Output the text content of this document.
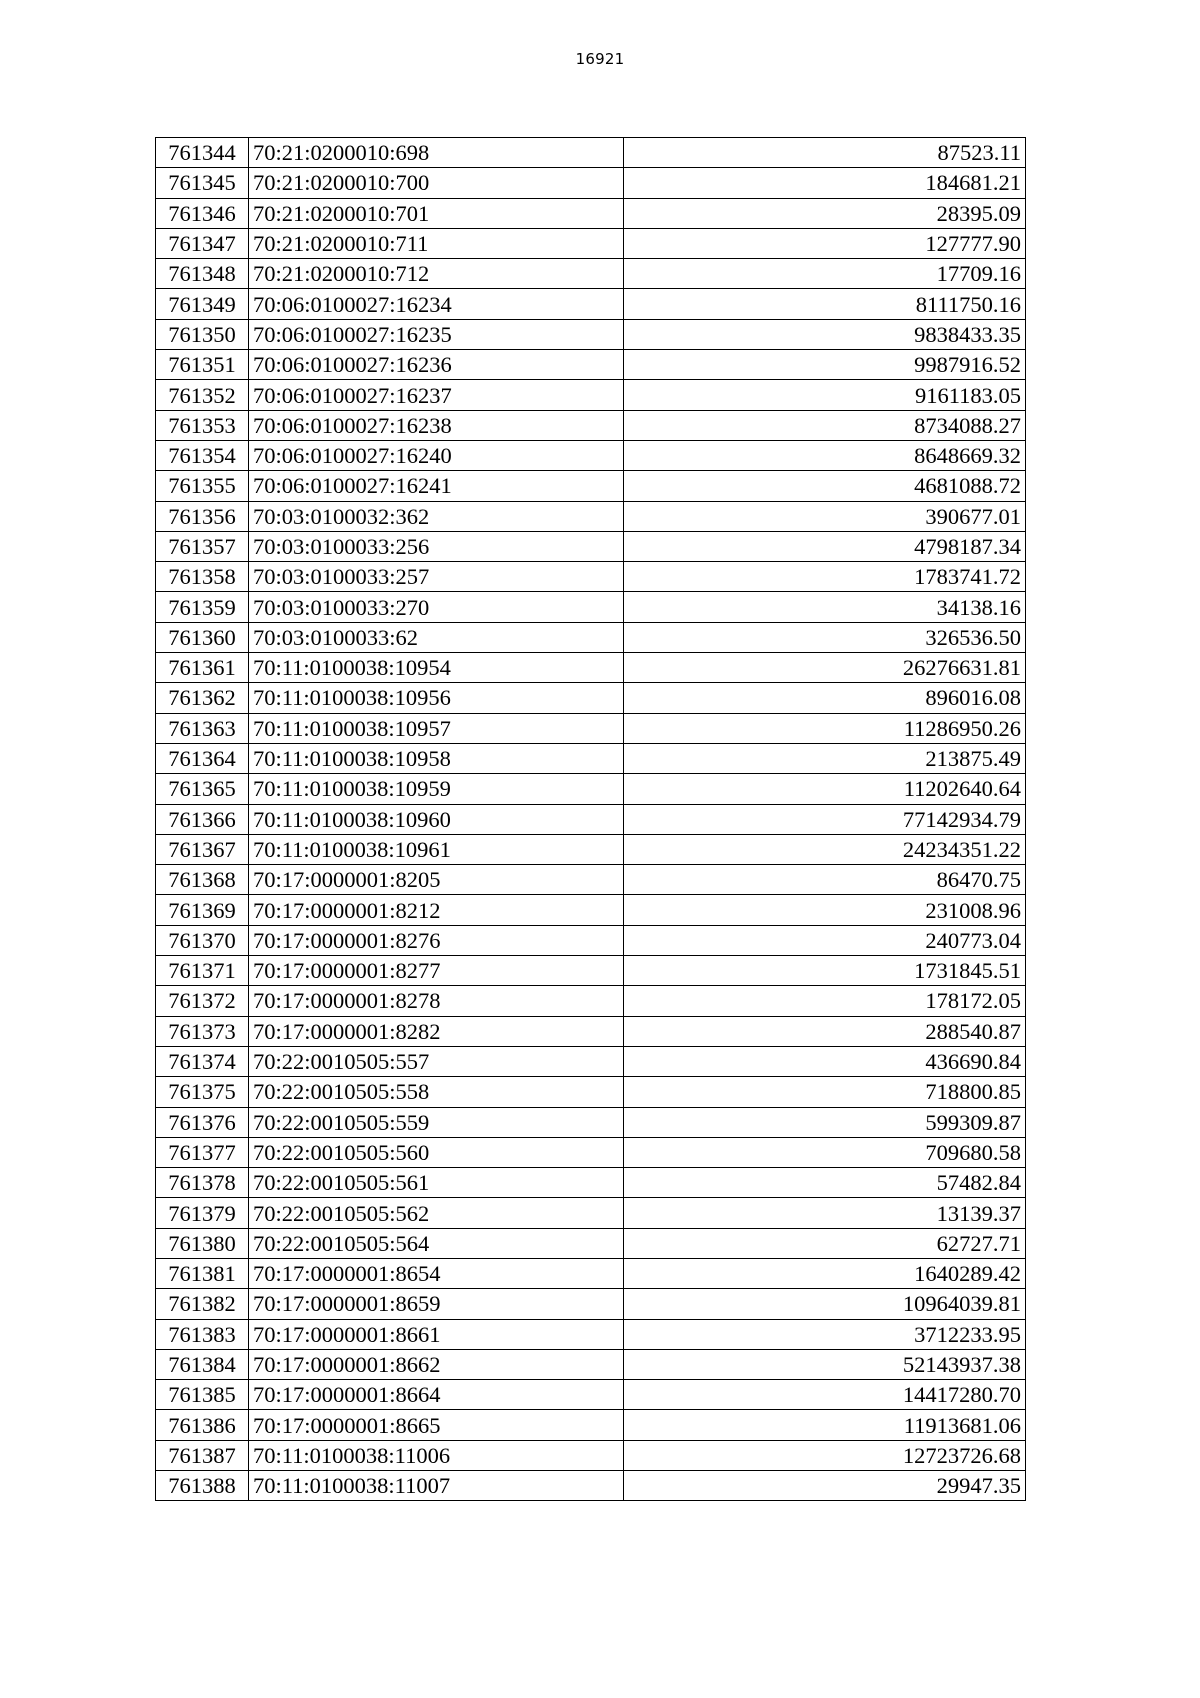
16921
761344	70:21:0200010:698	87523.11
761345	70:21:0200010:700	184681.21
761346	70:21:0200010:701	28395.09
761347	70:21:0200010:711	127777.90
761348	70:21:0200010:712	17709.16
761349	70:06:0100027:16234	8111750.16
761350	70:06:0100027:16235	9838433.35
761351	70:06:0100027:16236	9987916.52
761352	70:06:0100027:16237	9161183.05
761353	70:06:0100027:16238	8734088.27
761354	70:06:0100027:16240	8648669.32
761355	70:06:0100027:16241	4681088.72
761356	70:03:0100032:362	390677.01
761357	70:03:0100033:256	4798187.34
761358	70:03:0100033:257	1783741.72
761359	70:03:0100033:270	34138.16
761360	70:03:0100033:62	326536.50
761361	70:11:0100038:10954	26276631.81
761362	70:11:0100038:10956	896016.08
761363	70:11:0100038:10957	11286950.26
761364	70:11:0100038:10958	213875.49
761365	70:11:0100038:10959	11202640.64
761366	70:11:0100038:10960	77142934.79
761367	70:11:0100038:10961	24234351.22
761368	70:17:0000001:8205	86470.75
761369	70:17:0000001:8212	231008.96
761370	70:17:0000001:8276	240773.04
761371	70:17:0000001:8277	1731845.51
761372	70:17:0000001:8278	178172.05
761373	70:17:0000001:8282	288540.87
761374	70:22:0010505:557	436690.84
761375	70:22:0010505:558	718800.85
761376	70:22:0010505:559	599309.87
761377	70:22:0010505:560	709680.58
761378	70:22:0010505:561	57482.84
761379	70:22:0010505:562	13139.37
761380	70:22:0010505:564	62727.71
761381	70:17:0000001:8654	1640289.42
761382	70:17:0000001:8659	10964039.81
761383	70:17:0000001:8661	3712233.95
761384	70:17:0000001:8662	52143937.38
761385	70:17:0000001:8664	14417280.70
761386	70:17:0000001:8665	11913681.06
761387	70:11:0100038:11006	12723726.68
761388	70:11:0100038:11007	29947.35
